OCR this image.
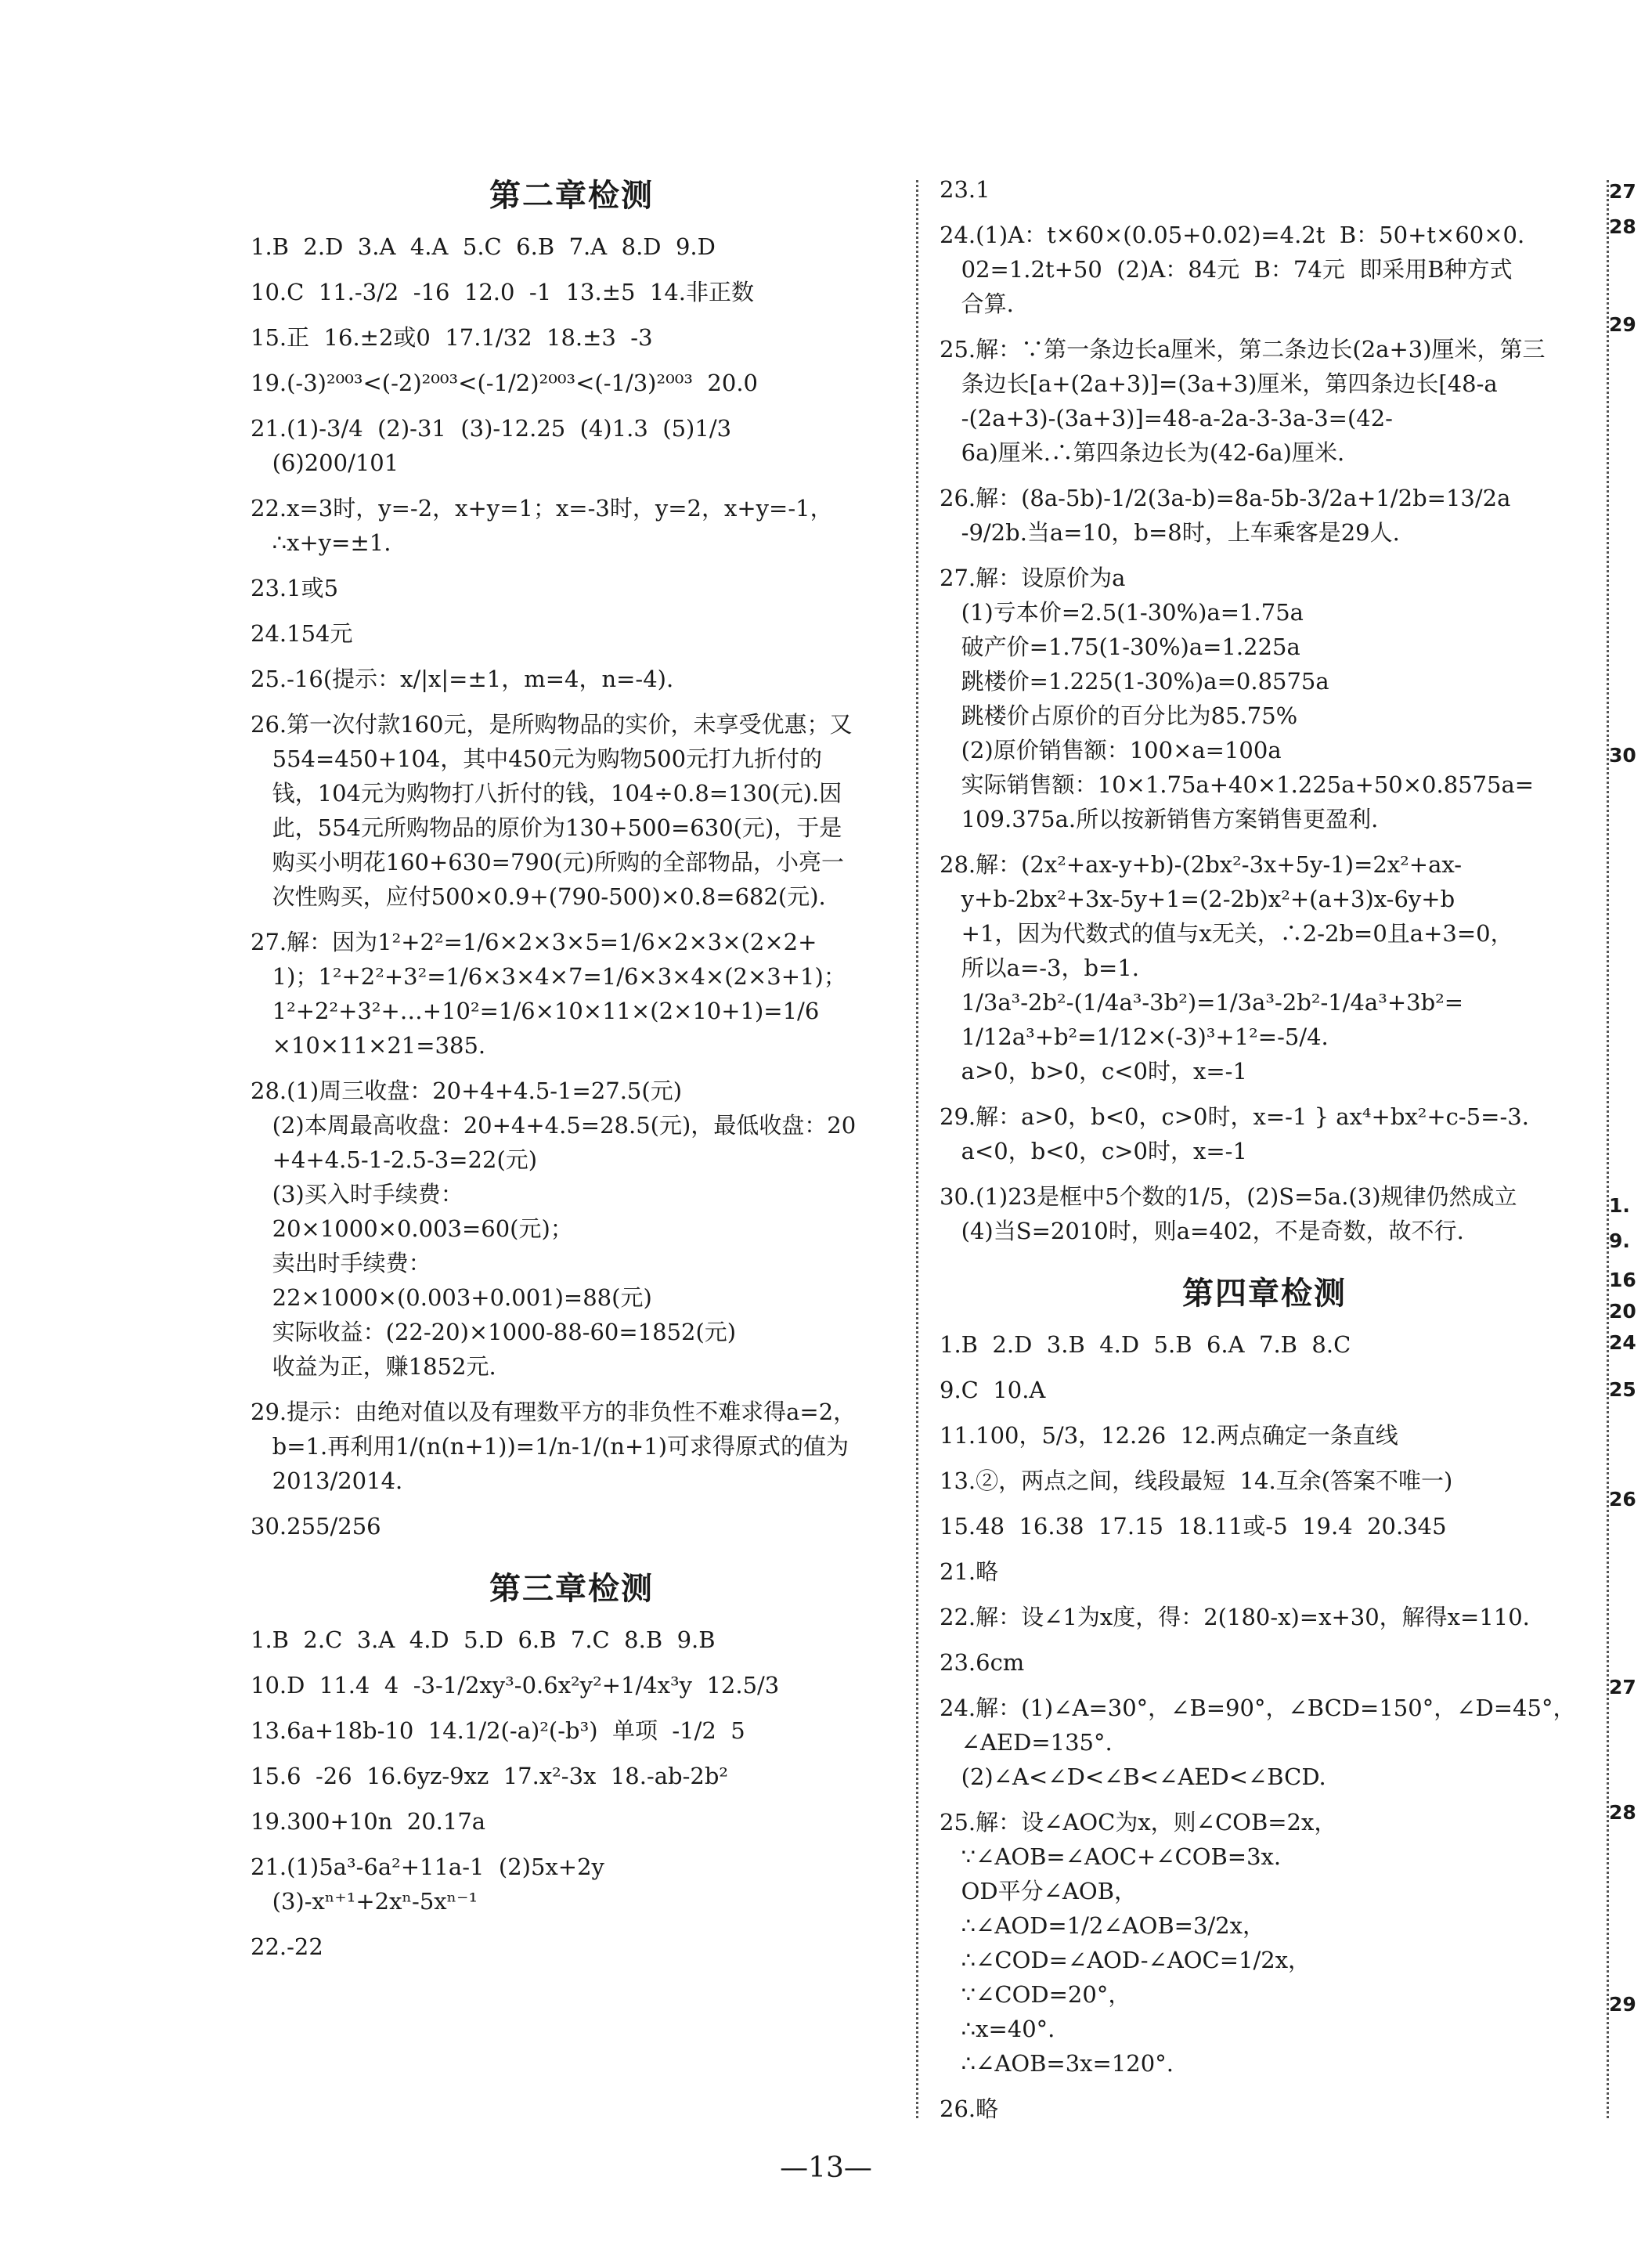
第二章检测
1.B  2.D  3.A  4.A  5.C  6.B  7.A  8.D  9.D
10.C  11.-3/2  -16  12.0  -1  13.±5  14.非正数
15.正  16.±2或0  17.1/32  18.±3  -3
19.(-3)²⁰⁰³<(-2)²⁰⁰³<(-1/2)²⁰⁰³<(-1/3)²⁰⁰³  20.0
21.(1)-3/4  (2)-31  (3)-12.25  (4)1.3  (5)1/3
(6)200/101
22.x=3时，y=-2，x+y=1；x=-3时，y=2，x+y=-1，
∴x+y=±1.
23.1或5
24.154元
25.-16(提示：x/|x|=±1，m=4，n=-4).
26.第一次付款160元，是所购物品的实价，未享受优惠；又
554=450+104，其中450元为购物500元打九折付的
钱，104元为购物打八折付的钱，104÷0.8=130(元).因
此，554元所购物品的原价为130+500=630(元)，于是
购买小明花160+630=790(元)所购的全部物品，小亮一
次性购买，应付500×0.9+(790-500)×0.8=682(元).
27.解：因为1²+2²=1/6×2×3×5=1/6×2×3×(2×2+
1)；1²+2²+3²=1/6×3×4×7=1/6×3×4×(2×3+1)；
1²+2²+3²+…+10²=1/6×10×11×(2×10+1)=1/6
×10×11×21=385.
28.(1)周三收盘：20+4+4.5-1=27.5(元)
(2)本周最高收盘：20+4+4.5=28.5(元)，最低收盘：20
+4+4.5-1-2.5-3=22(元)
(3)买入时手续费：
20×1000×0.003=60(元)；
卖出时手续费：
22×1000×(0.003+0.001)=88(元)
实际收益：(22-20)×1000-88-60=1852(元)
收益为正，赚1852元.
29.提示：由绝对值以及有理数平方的非负性不难求得a=2，
b=1.再利用1/(n(n+1))=1/n-1/(n+1)可求得原式的值为
2013/2014.
30.255/256
第三章检测
1.B  2.C  3.A  4.D  5.D  6.B  7.C  8.B  9.B
10.D  11.4  4  -3-1/2xy³-0.6x²y²+1/4x³y  12.5/3
13.6a+18b-10  14.1/2(-a)²(-b³)  单项  -1/2  5
15.6  -26  16.6yz-9xz  17.x²-3x  18.-ab-2b²
19.300+10n  20.17a
21.(1)5a³-6a²+11a-1  (2)5x+2y
(3)-xⁿ⁺¹+2xⁿ-5xⁿ⁻¹
22.-22
23.1
24.(1)A：t×60×(0.05+0.02)=4.2t  B：50+t×60×0.
02=1.2t+50  (2)A：84元  B：74元  即采用B种方式
合算.
25.解：∵第一条边长a厘米，第二条边长(2a+3)厘米，第三
条边长[a+(2a+3)]=(3a+3)厘米，第四条边长[48-a
-(2a+3)-(3a+3)]=48-a-2a-3-3a-3=(42-
6a)厘米.∴第四条边长为(42-6a)厘米.
26.解：(8a-5b)-1/2(3a-b)=8a-5b-3/2a+1/2b=13/2a
-9/2b.当a=10，b=8时，上车乘客是29人.
27.解：设原价为a
(1)亏本价=2.5(1-30%)a=1.75a
破产价=1.75(1-30%)a=1.225a
跳楼价=1.225(1-30%)a=0.8575a
跳楼价占原价的百分比为85.75%
(2)原价销售额：100×a=100a
实际销售额：10×1.75a+40×1.225a+50×0.8575a=
109.375a.所以按新销售方案销售更盈利.
28.解：(2x²+ax-y+b)-(2bx²-3x+5y-1)=2x²+ax-
y+b-2bx²+3x-5y+1=(2-2b)x²+(a+3)x-6y+b
+1，因为代数式的值与x无关，∴2-2b=0且a+3=0，
所以a=-3，b=1.
1/3a³-2b²-(1/4a³-3b²)=1/3a³-2b²-1/4a³+3b²=
1/12a³+b²=1/12×(-3)³+1²=-5/4.
a>0，b>0，c<0时，x=-1
29.解：a>0，b<0，c>0时，x=-1 } ax⁴+bx²+c-5=-3.
a<0，b<0，c>0时，x=-1
30.(1)23是框中5个数的1/5，(2)S=5a.(3)规律仍然成立
(4)当S=2010时，则a=402，不是奇数，故不行.
第四章检测
1.B  2.D  3.B  4.D  5.B  6.A  7.B  8.C
9.C  10.A
11.100，5/3，12.26  12.两点确定一条直线
13.②，两点之间，线段最短  14.互余(答案不唯一)
15.48  16.38  17.15  18.11或-5  19.4  20.345
21.略
22.解：设∠1为x度，得：2(180-x)=x+30，解得x=110.
23.6cm
24.解：(1)∠A=30°，∠B=90°，∠BCD=150°，∠D=45°，
∠AED=135°.
(2)∠A<∠D<∠B<∠AED<∠BCD.
25.解：设∠AOC为x，则∠COB=2x，
∵∠AOB=∠AOC+∠COB=3x.
OD平分∠AOB，
∴∠AOD=1/2∠AOB=3/2x，
∴∠COD=∠AOD-∠AOC=1/2x，
∵∠COD=20°，
∴x=40°.
∴∠AOB=3x=120°.
26.略
27
28
29
30
1.
9.
16
20
24
25
26
27
28
29
—13—
